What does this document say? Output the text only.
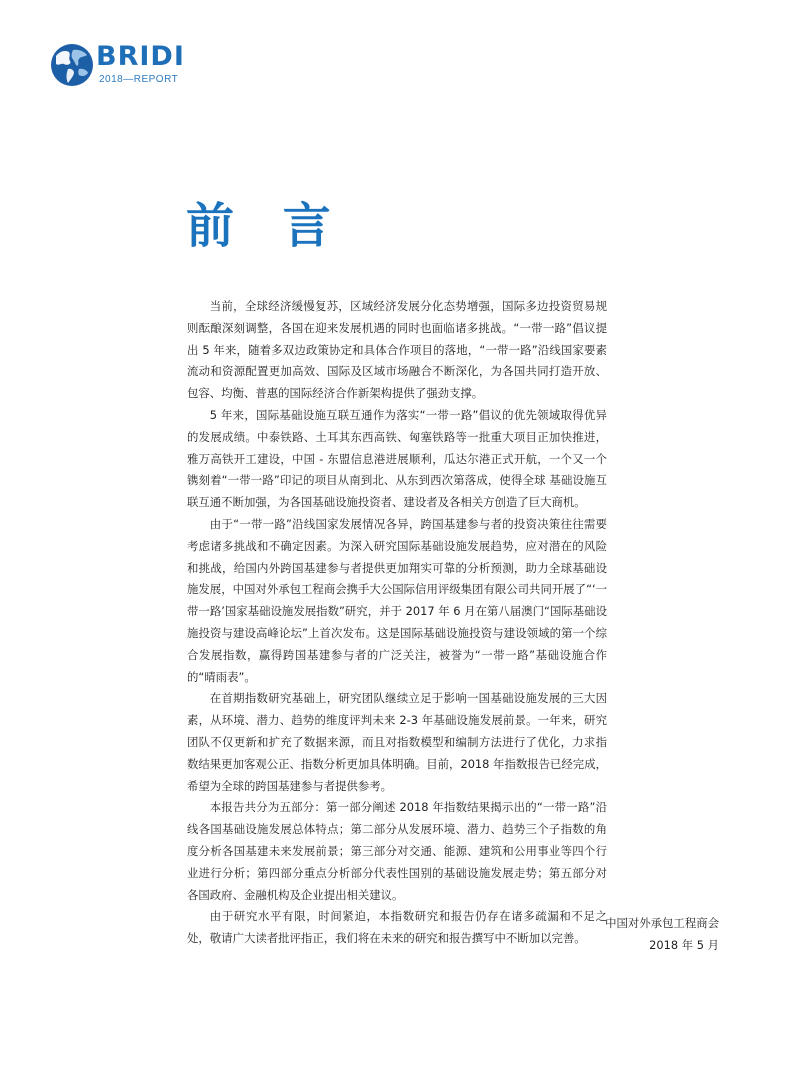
BRIDI
2018—REPORT
前 言

当前，全球经济缓慢复苏，区域经济发展分化态势增强，国际多边投资贸易规则酝酿深刻调整，各国在迎来发展机遇的同时也面临诸多挑战。“一带一路”倡议提出 5 年来，随着多双边政策协定和具体合作项目的落地，“一带一路”沿线国家要素流动和资源配置更加高效、国际及区域市场融合不断深化，为各国共同打造开放、包容、均衡、普惠的国际经济合作新架构提供了强劲支撑。

5 年来，国际基础设施互联互通作为落实“一带一路”倡议的优先领域取得优异的发展成绩。中泰铁路、土耳其东西高铁、匈塞铁路等一批重大项目正加快推进，雅万高铁开工建设，中国 - 东盟信息港进展顺利，瓜达尔港正式开航，一个又一个镌刻着“一带一路”印记的项目从南到北、从东到西次第落成，使得全球 基础设施互联互通不断加强，为各国基础设施投资者、建设者及各相关方创造了巨大商机。

由于“一带一路”沿线国家发展情况各异，跨国基建参与者的投资决策往往需要考虑诸多挑战和不确定因素。为深入研究国际基础设施发展趋势，应对潜在的风险和挑战，给国内外跨国基建参与者提供更加翔实可靠的分析预测，助力全球基础设施发展，中国对外承包工程商会携手大公国际信用评级集团有限公司共同开展了“‘一带一路’国家基础设施发展指数”研究，并于 2017 年 6 月在第八届澳门“国际基础设施投资与建设高峰论坛”上首次发布。这是国际基础设施投资与建设领域的第一个综合发展指数，赢得跨国基建参与者的广泛关注，被誉为“一带一路”基础设施合作的“晴雨表”。

在首期指数研究基础上，研究团队继续立足于影响一国基础设施发展的三大因素，从环境、潜力、趋势的维度评判未来 2-3 年基础设施发展前景。一年来，研究团队不仅更新和扩充了数据来源，而且对指数模型和编制方法进行了优化，力求指数结果更加客观公正、指数分析更加具体明确。目前，2018 年指数报告已经完成，希望为全球的跨国基建参与者提供参考。

本报告共分为五部分：第一部分阐述 2018 年指数结果揭示出的“一带一路”沿线各国基础设施发展总体特点；第二部分从发展环境、潜力、趋势三个子指数的角度分析各国基建未来发展前景；第三部分对交通、能源、建筑和公用事业等四个行业进行分析；第四部分重点分析部分代表性国别的基础设施发展走势；第五部分对各国政府、金融机构及企业提出相关建议。

由于研究水平有限，时间紧迫，本指数研究和报告仍存在诸多疏漏和不足之处，敬请广大读者批评指正，我们将在未来的研究和报告撰写中不断加以完善。

中国对外承包工程商会
2018 年 5 月
